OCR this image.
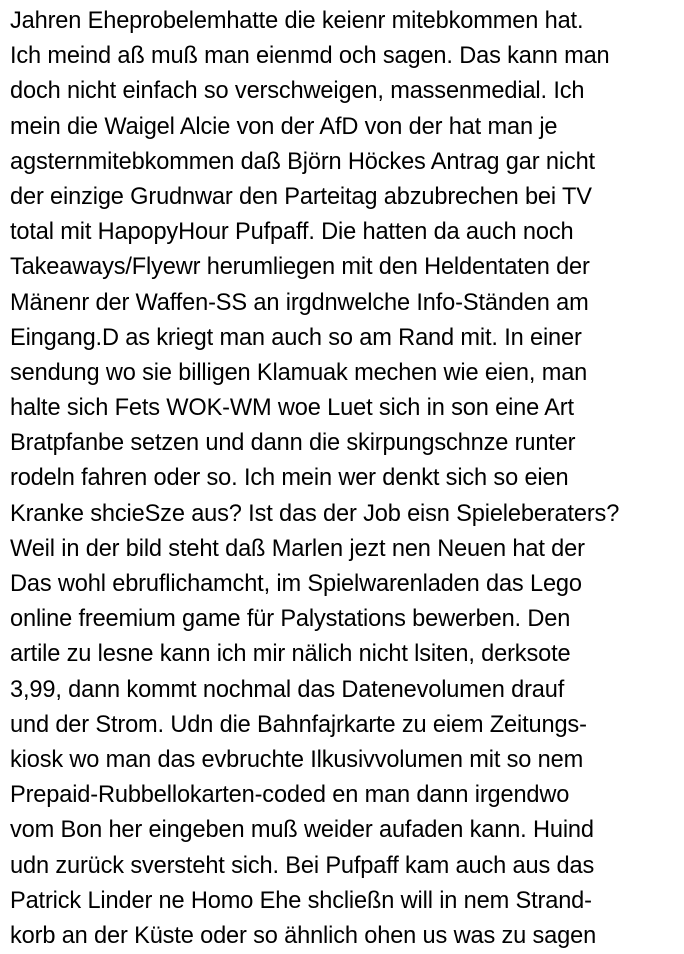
Jahren Eheprobelemhatte die keienr mitebkommen hat.
Ich meind aß muß man eienmd och sagen. Das kann man
doch nicht einfach so verschweigen, massenmedial. Ich
mein die Waigel Alcie von der AfD von der hat man je
agsternmitebkommen daß Björn Höckes Antrag gar nicht
der einzige Grudnwar den Parteitag abzubrechen bei TV
total mit HapopyHour Pufpaff. Die hatten da auch noch
Takeaways/Flyewr herumliegen mit den Heldentaten der
Mänenr der Waffen-SS an irgdnwelche Info-Ständen am
Eingang.D as kriegt man auch so am Rand mit. In einer
sendung wo sie billigen Klamuak mechen wie eien, man
halte sich Fets WOK-WM woe Luet sich in son eine Art
Bratpfanbe setzen und dann die skirpungschnze runter
rodeln fahren oder so. Ich mein wer denkt sich so eien
Kranke shcieSze aus? Ist das der Job eisn Spieleberaters?
Weil in der bild steht daß Marlen jezt nen Neuen hat der
Das wohl ebruflichamcht, im Spielwarenladen das Lego
online freemium game für Palystations bewerben. Den
artile zu lesne kann ich mir nälich nicht lsiten, derksote
3,99, dann kommt nochmal das Datenevolumen drauf
und der Strom. Udn die Bahnfajrkarte zu eiem Zeitungs-
kiosk wo man das evbruchte Ilkusivvolumen mit so nem
Prepaid-Rubbellokarten-coded en man dann irgendwo
vom Bon her eingeben muß weider aufaden kann. Huind
udn zurück sversteht sich. Bei Pufpaff kam auch aus das
Patrick Linder ne Homo Ehe shcließn will in nem Strand-
korb an der Küste oder so ähnlich ohen us was zu sagen
